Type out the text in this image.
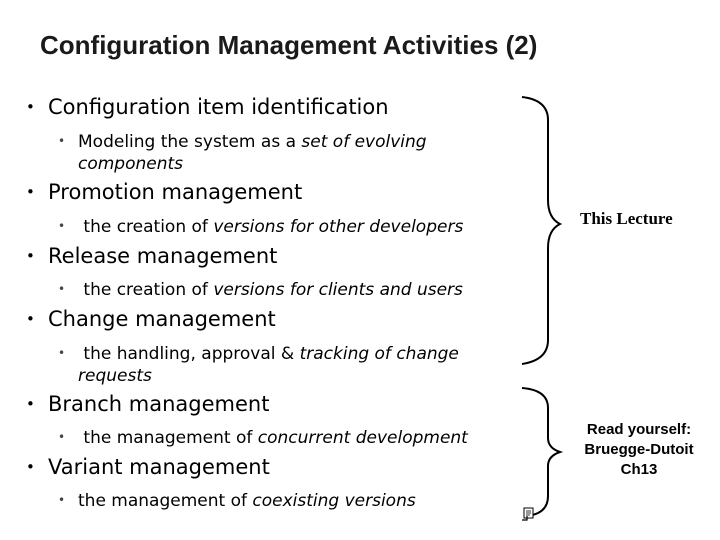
Configuration Management Activities (2)
• Configuration item identification
• Modeling the system as a set of evolving
components
• Promotion management
• the creation of versions for other developers
• Release management
• the creation of versions for clients and users
• Change management
• the handling, approval & tracking of change
requests
• Branch management
• the management of concurrent development
• Variant management
• the management of coexisting versions
This Lecture
Read yourself:
Bruegge-Dutoit
Ch13
